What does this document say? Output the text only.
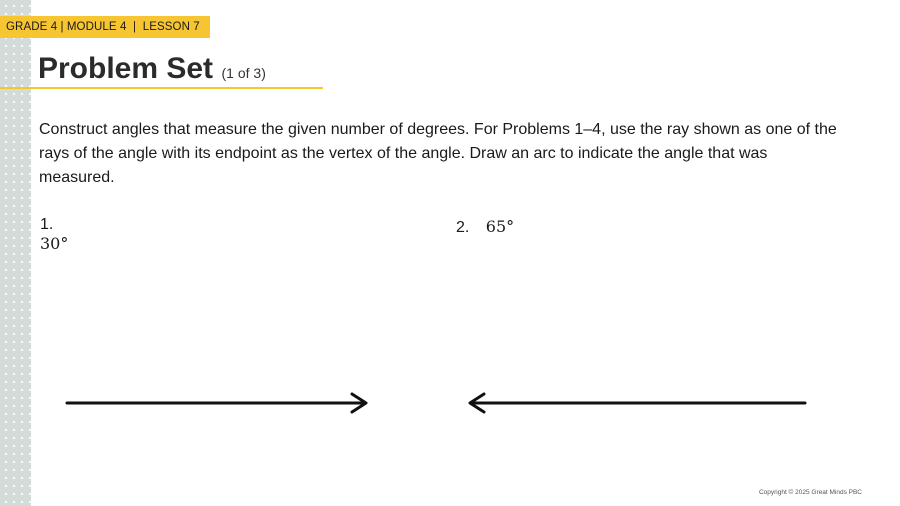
GRADE 4 | MODULE 4  |  LESSON 7
Problem Set (1 of 3)
Construct angles that measure the given number of degrees. For Problems 1–4, use the ray shown as one of the rays of the angle with its endpoint as the vertex of the angle. Draw an arc to indicate the angle that was measured.
1.
30°
2. 65°
Copyright © 2025 Great Minds PBC
